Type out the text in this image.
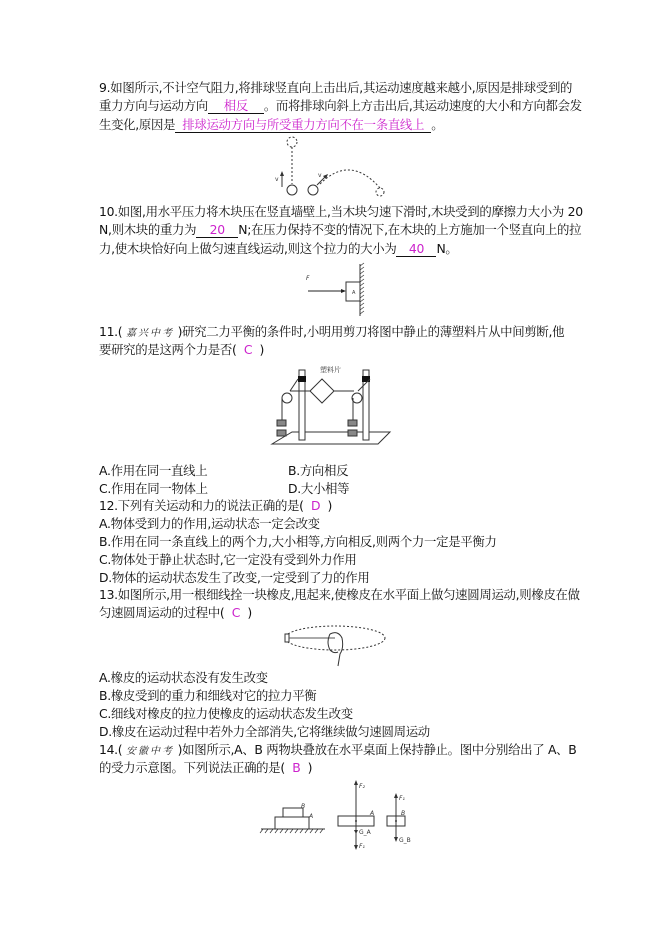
9.如图所示,不计空气阻力,将排球竖直向上击出后,其运动速度越来越小,原因是排球受到的
重力方向与运动方向 相反 。而将排球向斜上方击出后,其运动速度的大小和方向都会发
生变化,原因是 排球运动方向与所受重力方向不在一条直线上 。
v
v
10.如图,用水平压力将木块压在竖直墙壁上,当木块匀速下滑时,木块受到的摩擦力大小为 20
N,则木块的重力为 20 N;在压力保持不变的情况下,在木块的上方施加一个竖直向上的拉
力,使木块恰好向上做匀速直线运动,则这个拉力的大小为 40 N。
F
A
11.( 嘉兴中考 )研究二力平衡的条件时,小明用剪刀将图中静止的薄塑料片从中间剪断,他
要研究的是这两个力是否( C )
塑料片
A.作用在同一直线上	B.方向相反
C.作用在同一物体上	D.大小相等
12.下列有关运动和力的说法正确的是( D )
A.物体受到力的作用,运动状态一定会改变
B.作用在同一条直线上的两个力,大小相等,方向相反,则两个力一定是平衡力
C.物体处于静止状态时,它一定没有受到外力作用
D.物体的运动状态发生了改变,一定受到了力的作用
13.如图所示,用一根细线拴一块橡皮,甩起来,使橡皮在水平面上做匀速圆周运动,则橡皮在做
匀速圆周运动的过程中( C )
A.橡皮的运动状态没有发生改变
B.橡皮受到的重力和细线对它的拉力平衡
C.细线对橡皮的拉力使橡皮的运动状态发生改变
D.橡皮在运动过程中若外力全部消失,它将继续做匀速圆周运动
14.( 安徽中考 )如图所示,A、B 两物块叠放在水平桌面上保持静止。图中分别给出了 A、B
的受力示意图。下列说法正确的是( B )
B
A	A
F₂
G_A
F₁
B
F₁
G_B
